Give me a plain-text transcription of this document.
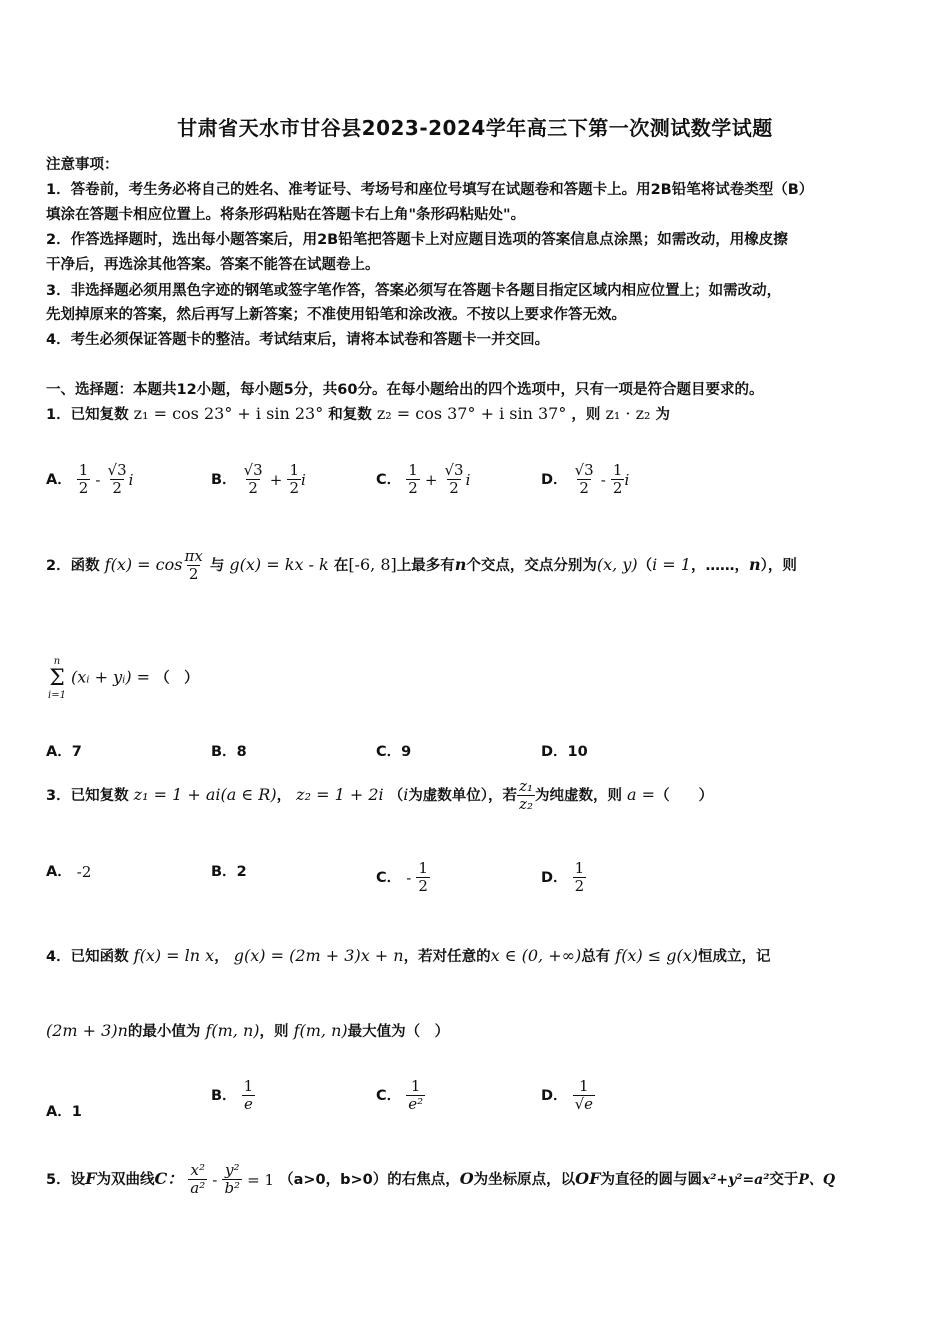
甘肃省天水市甘谷县2023-2024学年高三下第一次测试数学试题
注意事项：
1．答卷前，考生务必将自己的姓名、准考证号、考场号和座位号填写在试题卷和答题卡上。用2B铅笔将试卷类型（B）
填涂在答题卡相应位置上。将条形码粘贴在答题卡右上角"条形码粘贴处"。
2．作答选择题时，选出每小题答案后，用2B铅笔把答题卡上对应题目选项的答案信息点涂黑；如需改动，用橡皮擦
干净后，再选涂其他答案。答案不能答在试题卷上。
3．非选择题必须用黑色字迹的钢笔或签字笔作答，答案必须写在答题卡各题目指定区域内相应位置上；如需改动，
先划掉原来的答案，然后再写上新答案；不准使用铅笔和涂改液。不按以上要求作答无效。
4．考生必须保证答题卡的整洁。考试结束后，请将本试卷和答题卡一并交回。
一、选择题：本题共12小题，每小题5分，共60分。在每小题给出的四个选项中，只有一项是符合题目要求的。
1．已知复数 z₁ = cos 23° + i sin 23° 和复数 z₂ = cos 37° + i sin 37° ，则 z₁ · z₂ 为
A． $\frac{1}{2} - \frac{√3}{2}$ i	B． $\frac{√3}{2} + \frac{1}{2}$ i	C． $\frac{1}{2} + \frac{√3}{2}$ i	D． $\frac{√3}{2} - \frac{1}{2}$ i
2．函数 $f(x) = \cos \frac{\pi x}{2}$ 与 g(x) = kx - k 在[-6, 8]上最多有n个交点，交点分别为(x, y)（i = 1，……，n），则
n
Σ
i=1
(xᵢ + yᵢ) = （　）
A．7	B．8	C．9	D．10
3．已知复数 z₁ = 1 + ai(a ∈ R)， z₂ = 1 + 2i （i为虚数单位），若 $\frac{\text{z₁}}{\text{z₂}}$ 为纯虚数，则 a =（　　）
A． -2	B．2	C． - $\frac{1}{2}$	D． $\frac{1}{2}$
4．已知函数 f(x) = ln x， g(x) = (2m + 3)x + n，若对任意的x ∈ (0, +∞)总有 f(x) ≤ g(x)恒成立，记
(2m + 3)n的最小值为 f(m, n)，则 f(m, n)最大值为（　）
A．1
B． $\frac{1}{e}$	C． $\frac{1}{\text{e²}}$	D． $\frac{1}{√e}$
5．设F为双曲线C： $\frac{\text{x²}}{\text{a²}} - \frac{\text{y²}}{\text{b²}} = 1$ （a>0，b>0）的右焦点，O为坐标原点，以OF为直径的圆与圆x²+y²=a²交于P、Q
